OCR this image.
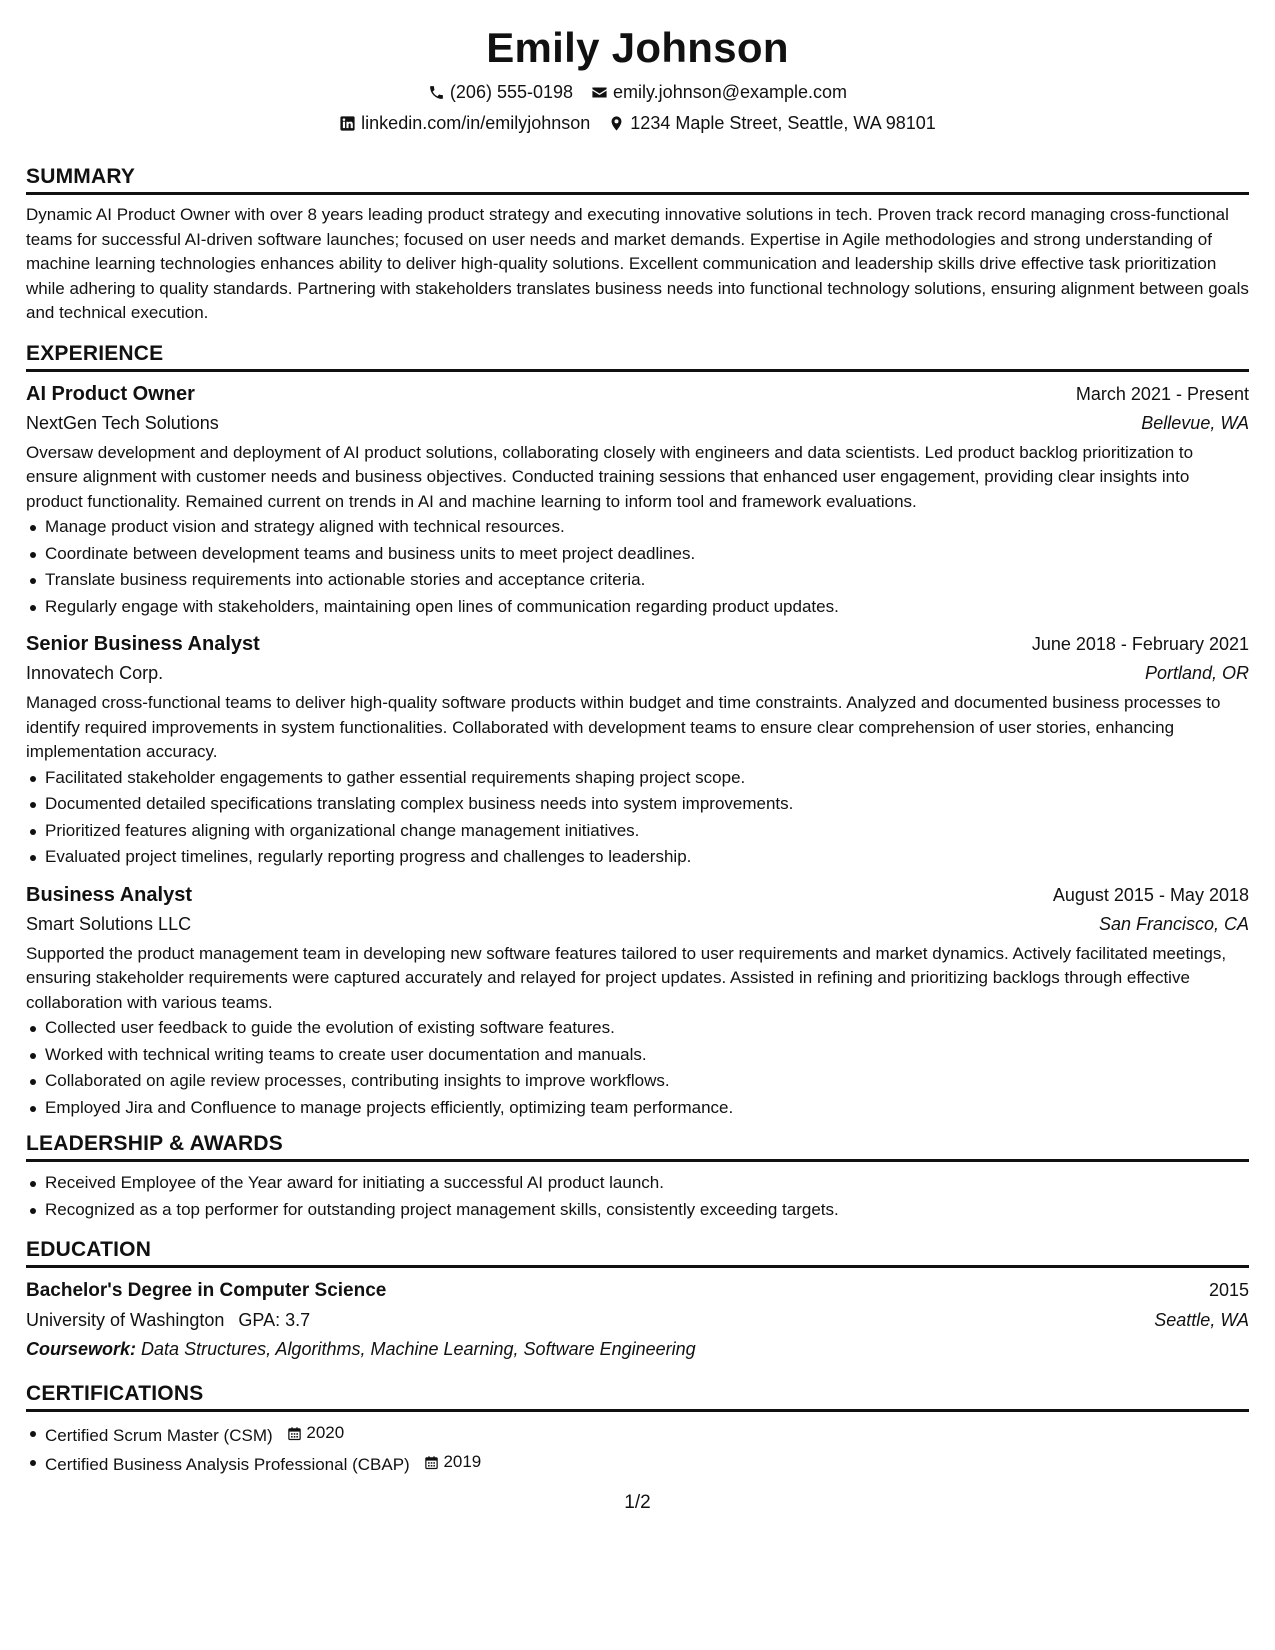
Emily Johnson
(206) 555-0198 emily.johnson@example.com
linkedin.com/in/emilyjohnson 1234 Maple Street, Seattle, WA 98101
SUMMARY
Dynamic AI Product Owner with over 8 years leading product strategy and executing innovative solutions in tech. Proven track record managing cross-functional teams for successful AI-driven software launches; focused on user needs and market demands. Expertise in Agile methodologies and strong understanding of machine learning technologies enhances ability to deliver high-quality solutions. Excellent communication and leadership skills drive effective task prioritization while adhering to quality standards. Partnering with stakeholders translates business needs into functional technology solutions, ensuring alignment between goals and technical execution.
EXPERIENCE
AI Product Owner	March 2021 - Present
NextGen Tech Solutions	Bellevue, WA
Oversaw development and deployment of AI product solutions, collaborating closely with engineers and data scientists. Led product backlog prioritization to ensure alignment with customer needs and business objectives. Conducted training sessions that enhanced user engagement, providing clear insights into product functionality. Remained current on trends in AI and machine learning to inform tool and framework evaluations.
Manage product vision and strategy aligned with technical resources.
Coordinate between development teams and business units to meet project deadlines.
Translate business requirements into actionable stories and acceptance criteria.
Regularly engage with stakeholders, maintaining open lines of communication regarding product updates.
Senior Business Analyst	June 2018 - February 2021
Innovatech Corp.	Portland, OR
Managed cross-functional teams to deliver high-quality software products within budget and time constraints. Analyzed and documented business processes to identify required improvements in system functionalities. Collaborated with development teams to ensure clear comprehension of user stories, enhancing implementation accuracy.
Facilitated stakeholder engagements to gather essential requirements shaping project scope.
Documented detailed specifications translating complex business needs into system improvements.
Prioritized features aligning with organizational change management initiatives.
Evaluated project timelines, regularly reporting progress and challenges to leadership.
Business Analyst	August 2015 - May 2018
Smart Solutions LLC	San Francisco, CA
Supported the product management team in developing new software features tailored to user requirements and market dynamics. Actively facilitated meetings, ensuring stakeholder requirements were captured accurately and relayed for project updates. Assisted in refining and prioritizing backlogs through effective collaboration with various teams.
Collected user feedback to guide the evolution of existing software features.
Worked with technical writing teams to create user documentation and manuals.
Collaborated on agile review processes, contributing insights to improve workflows.
Employed Jira and Confluence to manage projects efficiently, optimizing team performance.
LEADERSHIP & AWARDS
Received Employee of the Year award for initiating a successful AI product launch.
Recognized as a top performer for outstanding project management skills, consistently exceeding targets.
EDUCATION
Bachelor's Degree in Computer Science	2015
University of Washington GPA: 3.7	Seattle, WA
Coursework: Data Structures, Algorithms, Machine Learning, Software Engineering
CERTIFICATIONS
Certified Scrum Master (CSM) 2020
Certified Business Analysis Professional (CBAP) 2019
1/2
